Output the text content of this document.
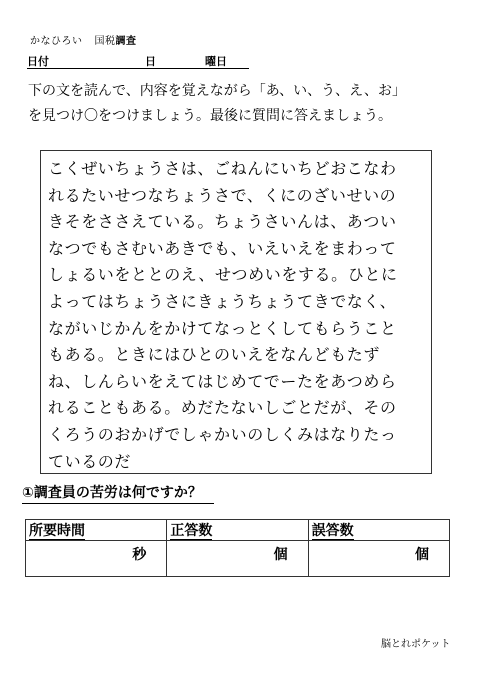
かなひろい 国税調査
日付	日	曜日
下の文を読んで、内容を覚えながら「あ、い、う、え、お」
を見つけ〇をつけましょう。最後に質問に答えましょう。
こくぜいちょうさは、ごねんにいちどおこなわ
れるたいせつなちょうさで、くにのざいせいの
きそをささえている。ちょうさいんは、あつい
なつでもさむいあきでも、いえいえをまわって
しょるいをととのえ、せつめいをする。ひとに
よってはちょうさにきょうちょうてきでなく、
ながいじかんをかけてなっとくしてもらうこと
もある。ときにはひとのいえをなんどもたず
ね、しんらいをえてはじめてでーたをあつめら
れることもある。めだたないしごとだが、その
くろうのおかげでしゃかいのしくみはなりたっ
ているのだ
①調査員の苦労は何ですか？
所要時間	正答数	誤答数
秒	個	個
脳とれポケット
